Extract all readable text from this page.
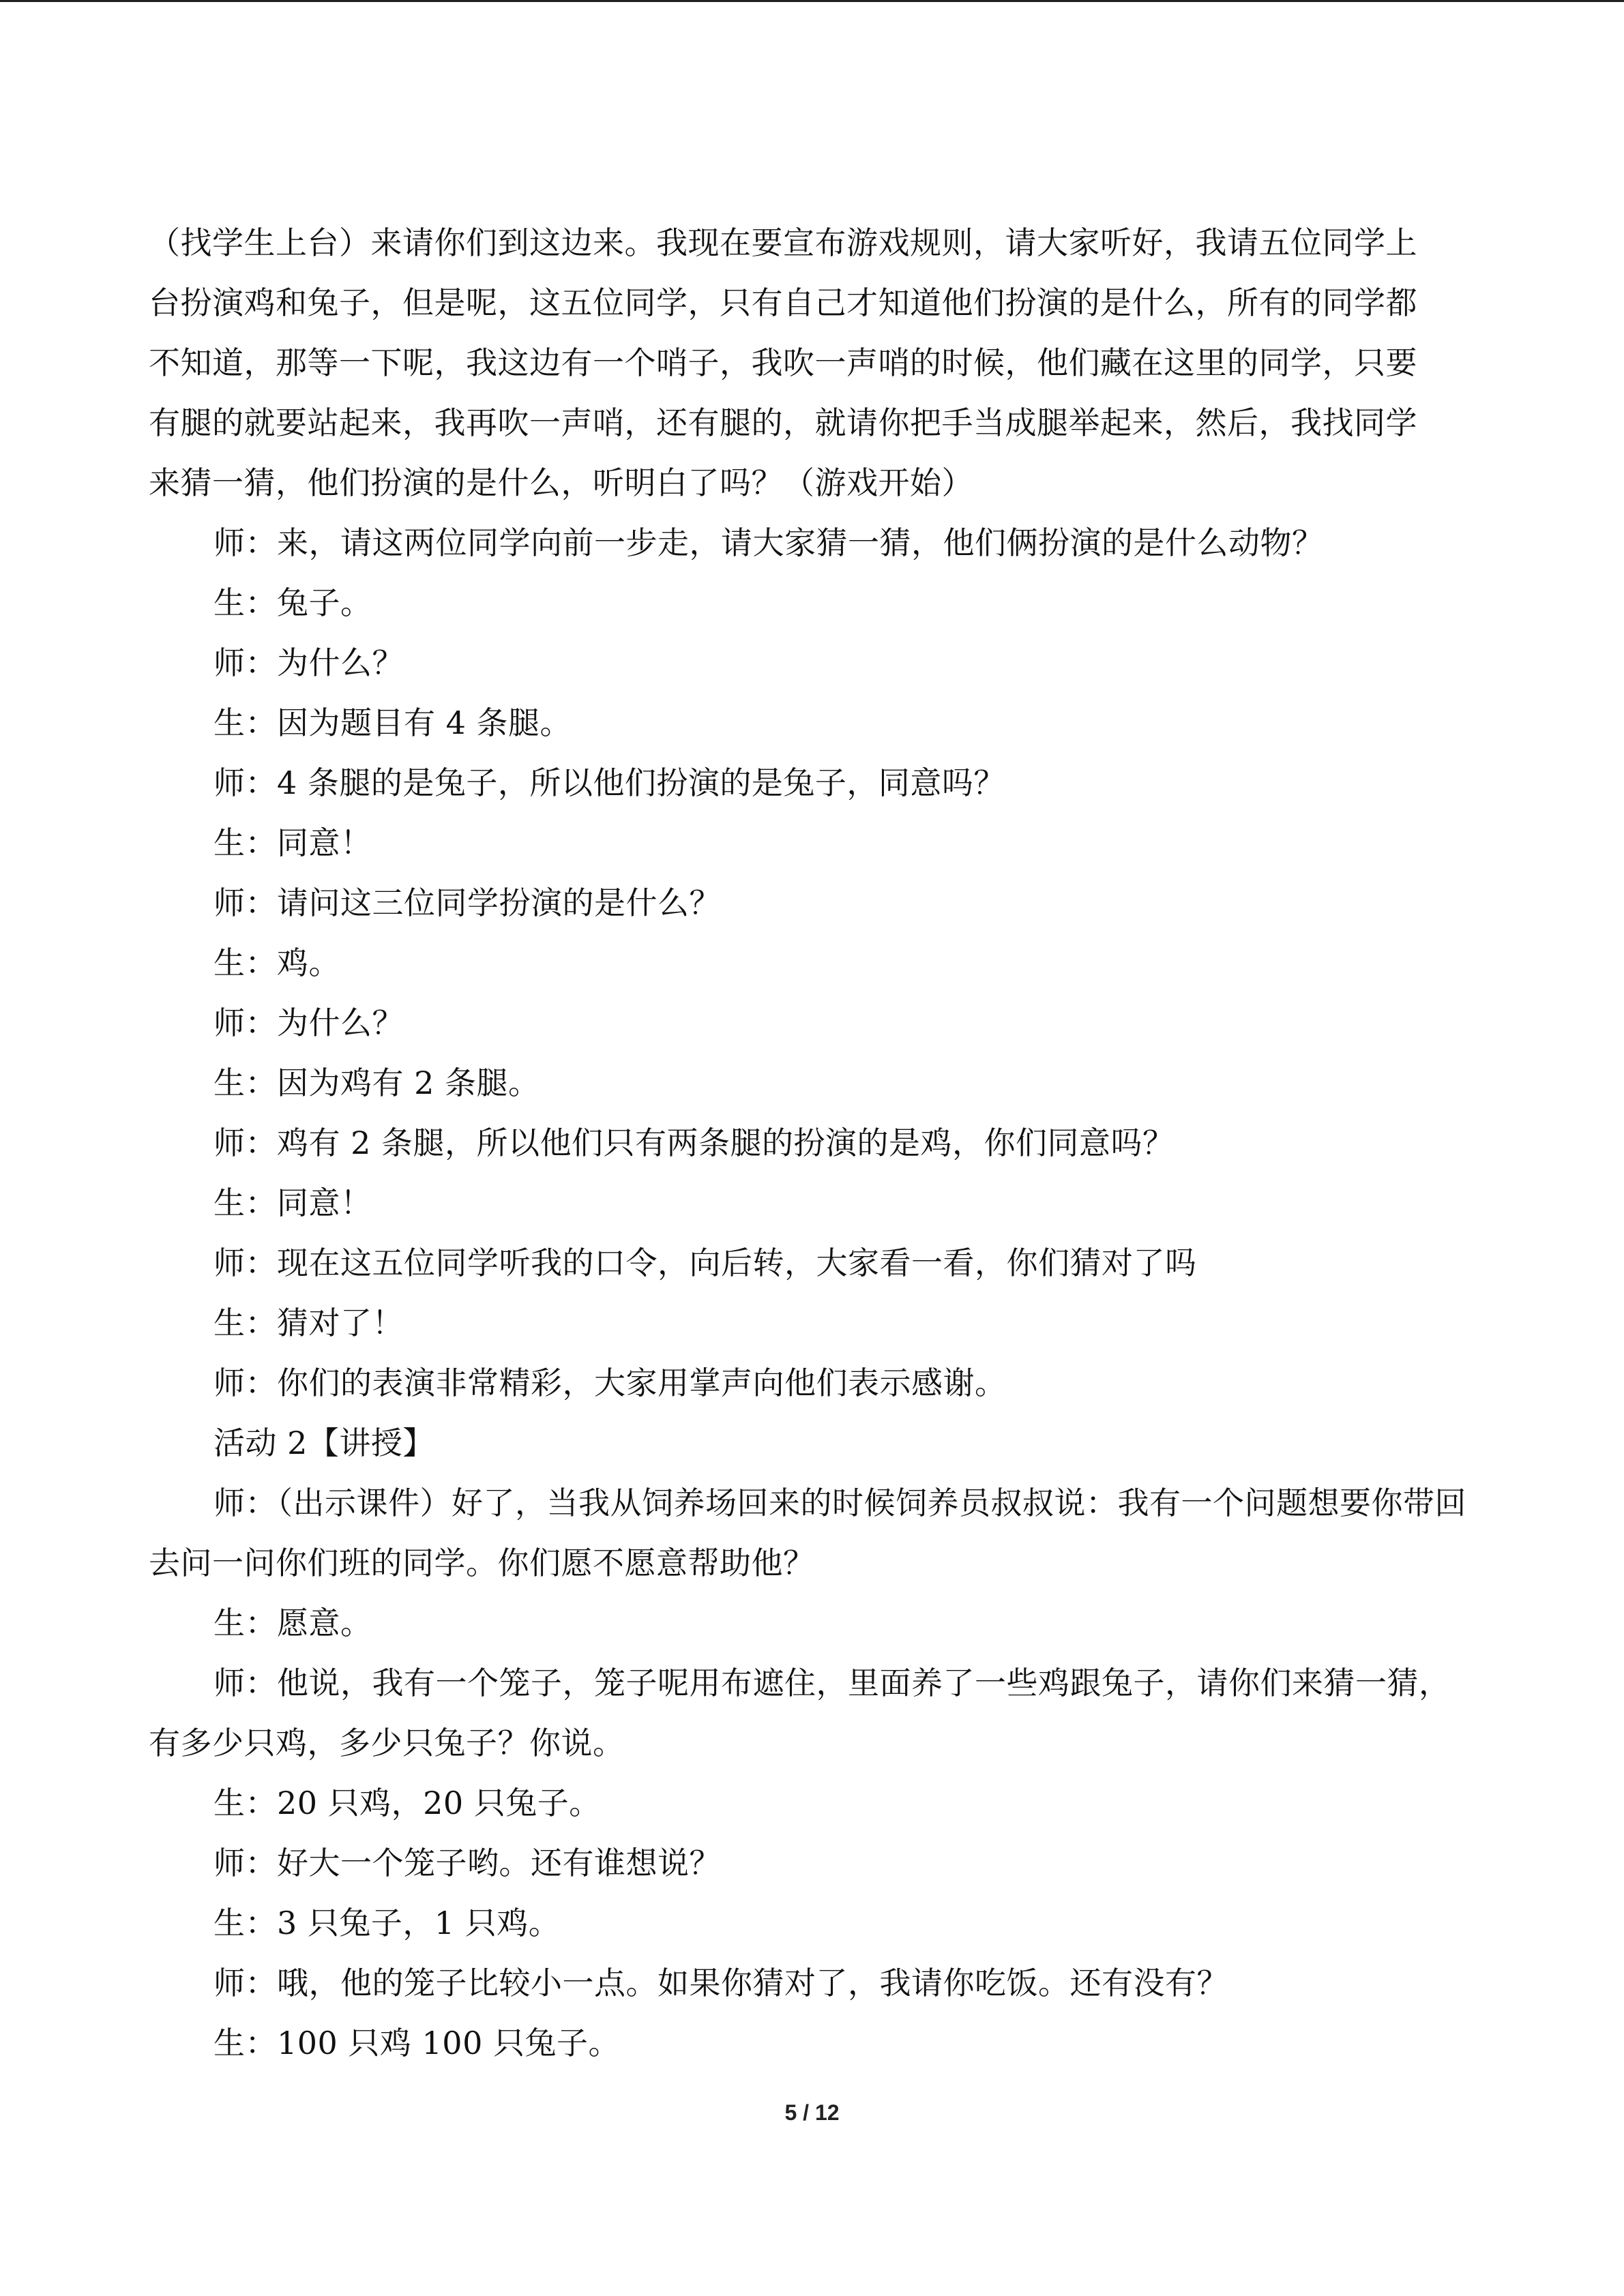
（找学生上台）来请你们到这边来。我现在要宣布游戏规则，请大家听好，我请五位同学上
台扮演鸡和兔子，但是呢，这五位同学，只有自己才知道他们扮演的是什么，所有的同学都
不知道，那等一下呢，我这边有一个哨子，我吹一声哨的时候，他们藏在这里的同学，只要
有腿的就要站起来，我再吹一声哨，还有腿的，就请你把手当成腿举起来，然后，我找同学
来猜一猜，他们扮演的是什么，听明白了吗？（游戏开始）

师：来，请这两位同学向前一步走，请大家猜一猜，他们俩扮演的是什么动物？

生：兔子。

师：为什么？

生：因为题目有 4 条腿。

师：4 条腿的是兔子，所以他们扮演的是兔子，同意吗？

生：同意！

师：请问这三位同学扮演的是什么？

生：鸡。

师：为什么？

生：因为鸡有 2 条腿。

师：鸡有 2 条腿，所以他们只有两条腿的扮演的是鸡，你们同意吗？

生：同意！

师：现在这五位同学听我的口令，向后转，大家看一看，你们猜对了吗

生：猜对了！

师：你们的表演非常精彩，大家用掌声向他们表示感谢。

活动 2【讲授】

师：（出示课件）好了，当我从饲养场回来的时候饲养员叔叔说：我有一个问题想要你带回去问一问你们班的同学。你们愿不愿意帮助他？

生：愿意。

师：他说，我有一个笼子，笼子呢用布遮住，里面养了一些鸡跟兔子，请你们来猜一猜，有多少只鸡，多少只兔子？你说。

生：20 只鸡，20 只兔子。

师：好大一个笼子哟。还有谁想说？

生：3 只兔子，1 只鸡。

师：哦，他的笼子比较小一点。如果你猜对了，我请你吃饭。还有没有？

生：100 只鸡 100 只兔子。

5 / 12
